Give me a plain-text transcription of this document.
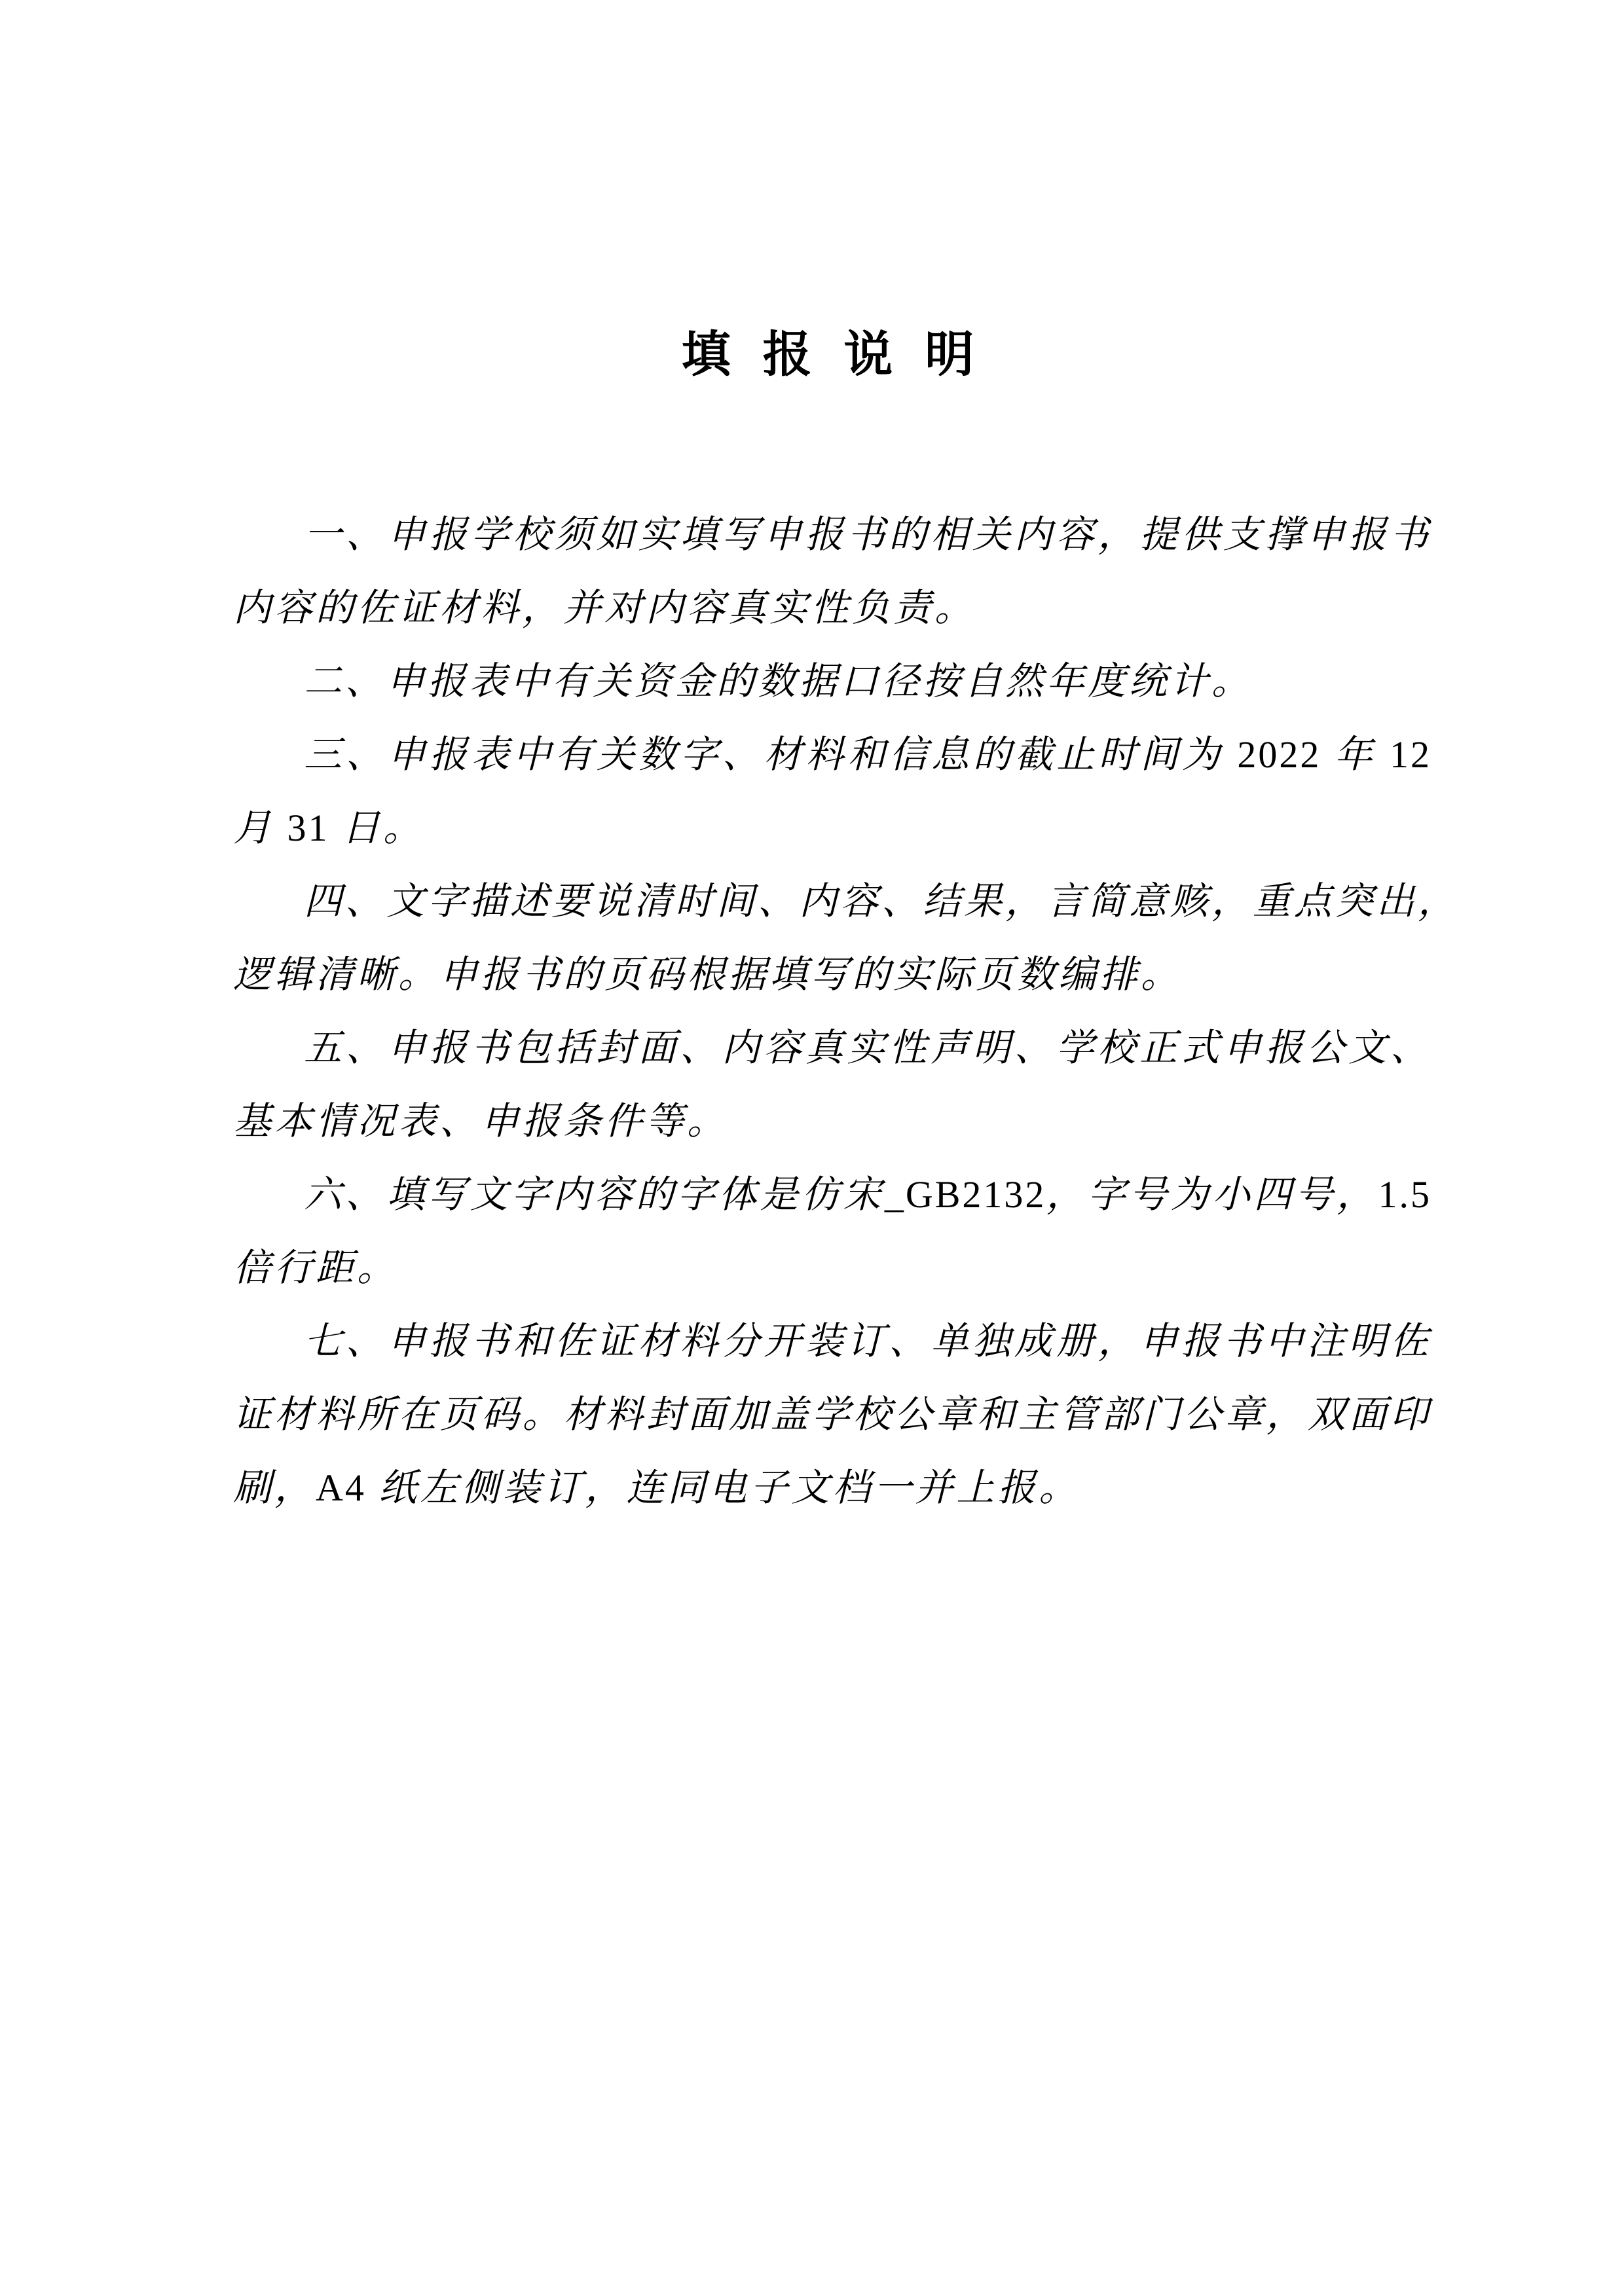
填 报 说 明
一、申报学校须如实填写申报书的相关内容，提供支撑申报书
内容的佐证材料，并对内容真实性负责。
二、申报表中有关资金的数据口径按自然年度统计。
三、申报表中有关数字、材料和信息的截止时间为 2022 年 12
月 31 日。
四、文字描述要说清时间、内容、结果，言简意赅，重点突出，
逻辑清晰。申报书的页码根据填写的实际页数编排。
五、申报书包括封面、内容真实性声明、学校正式申报公文、
基本情况表、申报条件等。
六、填写文字内容的字体是仿宋_GB2132，字号为小四号，1.5
倍行距。
七、申报书和佐证材料分开装订、单独成册，申报书中注明佐
证材料所在页码。材料封面加盖学校公章和主管部门公章，双面印
刷，A4 纸左侧装订，连同电子文档一并上报。
